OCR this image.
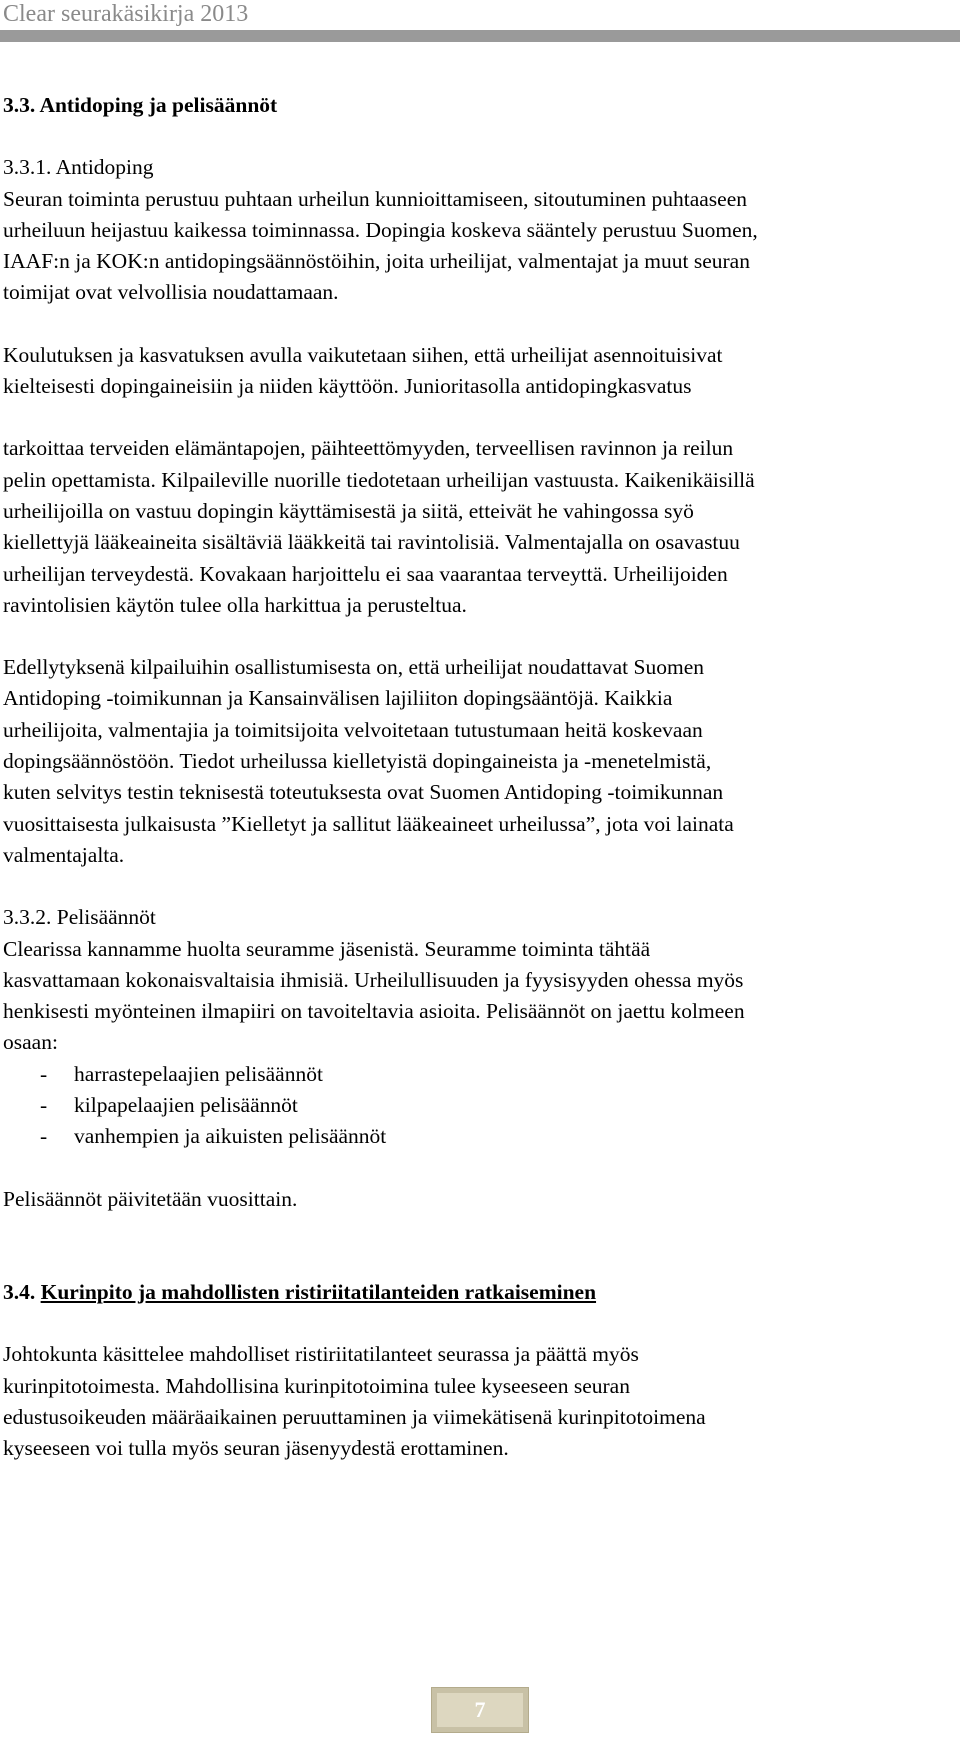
Clear seurakäsikirja 2013

3.3. Antidoping ja pelisäännöt

3.3.1. Antidoping

Seuran toiminta perustuu puhtaan urheilun kunnioittamiseen, sitoutuminen puhtaaseen
urheiluun heijastuu kaikessa toiminnassa. Dopingia koskeva sääntely perustuu Suomen,
IAAF:n ja KOK:n antidopingsäännöstöihin, joita urheilijat, valmentajat ja muut seuran
toimijat ovat velvollisia noudattamaan.

Koulutuksen ja kasvatuksen avulla vaikutetaan siihen, että urheilijat asennoituisivat
kielteisesti dopingaineisiin ja niiden käyttöön. Junioritasolla antidopingkasvatus

tarkoittaa terveiden elämäntapojen, päihteettömyyden, terveellisen ravinnon ja reilun
pelin opettamista. Kilpaileville nuorille tiedotetaan urheilijan vastuusta. Kaikenikäisillä
urheilijoilla on vastuu dopingin käyttämisestä ja siitä, etteivät he vahingossa syö
kiellettyjä lääkeaineita sisältäviä lääkkeitä tai ravintolisiä. Valmentajalla on osavastuu
urheilijan terveydestä. Kovakaan harjoittelu ei saa vaarantaa terveyttä. Urheilijoiden
ravintolisien käytön tulee olla harkittua ja perusteltua.

Edellytyksenä kilpailuihin osallistumisesta on, että urheilijat noudattavat Suomen
Antidoping -toimikunnan ja Kansainvälisen lajiliiton dopingsääntöjä. Kaikkia
urheilijoita, valmentajia ja toimitsijoita velvoitetaan tutustumaan heitä koskevaan
dopingsäännöstöön. Tiedot urheilussa kielletyistä dopingaineista ja -menetelmistä,
kuten selvitys testin teknisestä toteutuksesta ovat Suomen Antidoping -toimikunnan
vuosittaisesta julkaisusta ”Kielletyt ja sallitut lääkeaineet urheilussa”, jota voi lainata
valmentajalta.

3.3.2. Pelisäännöt

Clearissa kannamme huolta seuramme jäsenistä. Seuramme toiminta tähtää
kasvattamaan kokonaisvaltaisia ihmisiä. Urheilullisuuden ja fyysisyyden ohessa myös
henkisesti myönteinen ilmapiiri on tavoiteltavia asioita. Pelisäännöt on jaettu kolmeen
osaan:

-	harrastepelaajien pelisäännöt
-	kilpapelaajien pelisäännöt
-	vanhempien ja aikuisten pelisäännöt

Pelisäännöt päivitetään vuosittain.

3.4. Kurinpito ja mahdollisten ristiriitatilanteiden ratkaiseminen

Johtokunta käsittelee mahdolliset ristiriitatilanteet seurassa ja päättä myös
kurinpitotoimesta. Mahdollisina kurinpitotoimina tulee kyseeseen seuran
edustusoikeuden määräaikainen peruuttaminen ja viimekätisenä kurinpitotoimena
kyseeseen voi tulla myös seuran jäsenyydestä erottaminen.

7
